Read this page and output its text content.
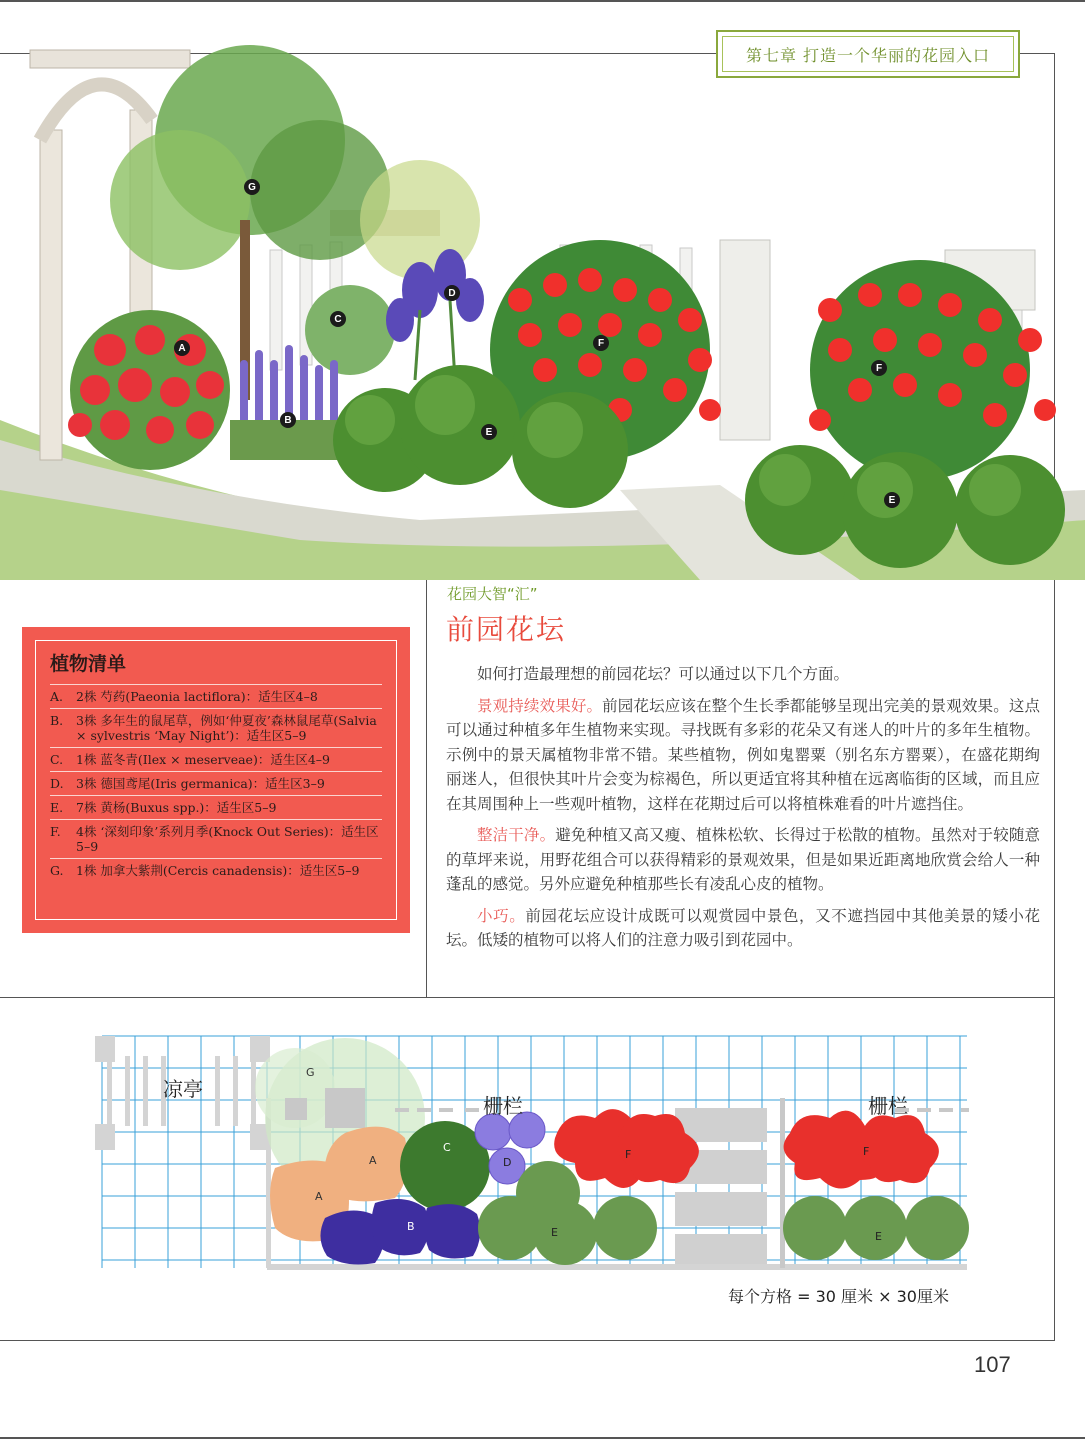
第七章 打造一个华丽的花园入口
A
B
C
D
E
E
F
F
G
植物清单
A.	2株 芍药(Paeonia lactiflora)：适生区4–8
B.	3株 多年生的鼠尾草，例如‘仲夏夜’森林鼠尾草(Salvia × sylvestris ‘May Night’)：适生区5–9
C.	1株 蓝冬青(Ilex × meserveae)：适生区4–9
D. 3株 德国鸢尾(Iris germanica)：适生区3–9
E.	7株 黄杨(Buxus spp.)：适生区5–9
F.	4株 ‘深刻印象’系列月季(Knock Out Series)：适生区5–9
G. 1株 加拿大紫荆(Cercis canadensis)：适生区5–9
花园大智“汇”
前园花坛

如何打造最理想的前园花坛？可以通过以下几个方面。

景观持续效果好。前园花坛应该在整个生长季都能够呈现出完美的景观效果。这点可以通过种植多年生植物来实现。寻找既有多彩的花朵又有迷人的叶片的多年生植物。示例中的景天属植物非常不错。某些植物，例如鬼罂粟（别名东方罂粟），在盛花期绚丽迷人，但很快其叶片会变为棕褐色，所以更适宜将其种植在远离临街的区域，而且应在其周围种上一些观叶植物，这样在花期过后可以将植株难看的叶片遮挡住。

整洁干净。避免种植又高又瘦、植株松软、长得过于松散的植物。虽然对于较随意的草坪来说，用野花组合可以获得精彩的景观效果，但是如果近距离地欣赏会给人一种蓬乱的感觉。另外应避免种植那些长有凌乱心皮的植物。

小巧。前园花坛应设计成既可以观赏园中景色，又不遮挡园中其他美景的矮小花坛。低矮的植物可以将人们的注意力吸引到花园中。

凉亭
栅栏	栅栏
G
A
A
B
C
D
E	E
F	F
每个方格 = 30 厘米 × 30厘米
107
